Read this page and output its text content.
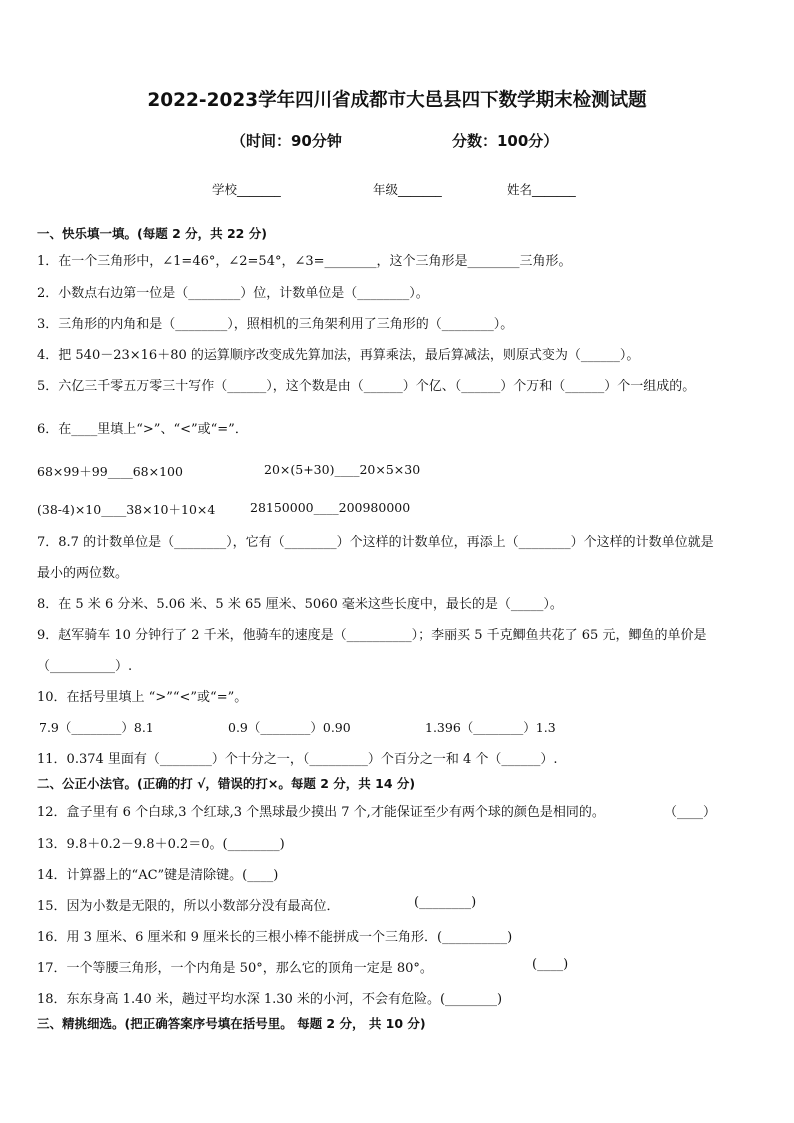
2022-2023学年四川省成都市大邑县四下数学期末检测试题
（时间：90分钟	分数：100分）
学校_______	年级_______	姓名_______
一、快乐填一填。(每题 2 分，共 22 分)
1．在一个三角形中，∠1=46°，∠2=54°，∠3=________，这个三角形是________三角形。
2．小数点右边第一位是（________）位，计数单位是（________）。
3．三角形的内角和是（________），照相机的三角架利用了三角形的（________）。
4．把 540－23×16＋80 的运算顺序改变成先算加法，再算乘法，最后算减法，则原式变为（______）。
5．六亿三千零五万零三十写作（______），这个数是由（______）个亿、（______）个万和（______）个一组成的。
6．在____里填上“>”、“<”或“=”．
68×99＋99____68×100	20×(5+30)____20×5×30
(38-4)×10____38×10＋10×4	28150000____200980000
7．8.7 的计数单位是（________），它有（________）个这样的计数单位，再添上（________）个这样的计数单位就是
最小的两位数。
8．在 5 米 6 分米、5.06 米、5 米 65 厘米、5060 毫米这些长度中，最长的是（_____）。
9．赵军骑车 10 分钟行了 2 千米，他骑车的速度是（__________）；李丽买 5 千克鲫鱼共花了 65 元，鲫鱼的单价是
（__________）.
10．在括号里填上 “>”“<”或“=”。
7.9（________）8.1	0.9（________）0.90	1.396（________）1.3
11．0.374 里面有（________）个十分之一，（_________）个百分之一和 4 个（______）.
二、公正小法官。(正确的打 √，错误的打×。每题 2 分，共 14 分)
12．盒子里有 6 个白球,3 个红球,3 个黑球最少摸出 7 个,才能保证至少有两个球的颜色是相同的。	（____）
13．9.8＋0.2－9.8＋0.2＝0。(________)
14．计算器上的“AC”键是清除键。(____)
15．因为小数是无限的，所以小数部分没有最高位．	(________)
16．用 3 厘米、6 厘米和 9 厘米长的三根小棒不能拼成一个三角形．(__________)
17．一个等腰三角形，一个内角是 50°，那么它的顶角一定是 80°。	(____)
18．东东身高 1.40 米，趟过平均水深 1.30 米的小河，不会有危险。(________)
三、精挑细选。(把正确答案序号填在括号里。 每题 2 分， 共 10 分)
